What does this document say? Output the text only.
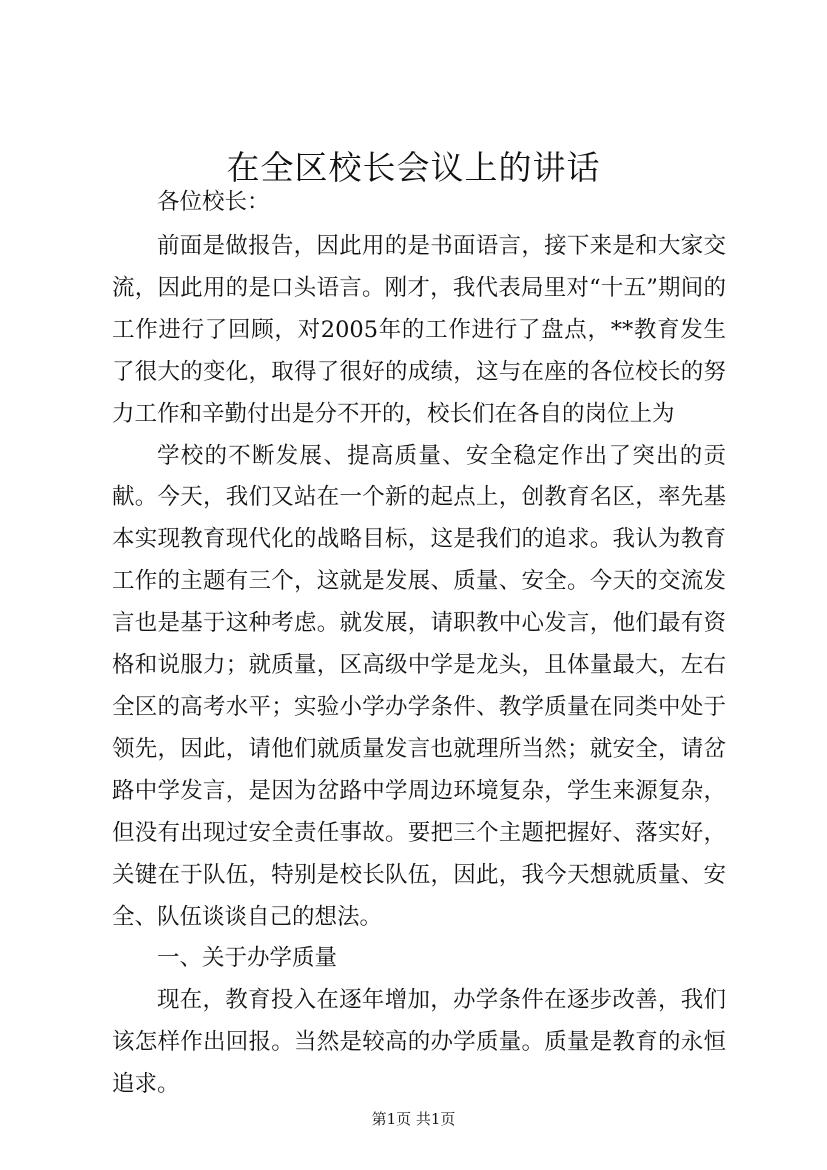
在全区校长会议上的讲话

各位校长：

前面是做报告，因此用的是书面语言，接下来是和大家交流，因此用的是口头语言。刚才，我代表局里对“十五”期间的工作进行了回顾，对2005年的工作进行了盘点，**教育发生了很大的变化，取得了很好的成绩，这与在座的各位校长的努力工作和辛勤付出是分不开的，校长们在各自的岗位上为

学校的不断发展、提高质量、安全稳定作出了突出的贡献。今天，我们又站在一个新的起点上，创教育名区，率先基本实现教育现代化的战略目标，这是我们的追求。我认为教育工作的主题有三个，这就是发展、质量、安全。今天的交流发言也是基于这种考虑。就发展，请职教中心发言，他们最有资格和说服力；就质量，区高级中学是龙头，且体量最大，左右全区的高考水平；实验小学办学条件、教学质量在同类中处于领先，因此，请他们就质量发言也就理所当然；就安全，请岔路中学发言，是因为岔路中学周边环境复杂，学生来源复杂，但没有出现过安全责任事故。要把三个主题把握好、落实好，关键在于队伍，特别是校长队伍，因此，我今天想就质量、安全、队伍谈谈自己的想法。

一、关于办学质量

现在，教育投入在逐年增加，办学条件在逐步改善，我们该怎样作出回报。当然是较高的办学质量。质量是教育的永恒追求。

第1页 共1页
